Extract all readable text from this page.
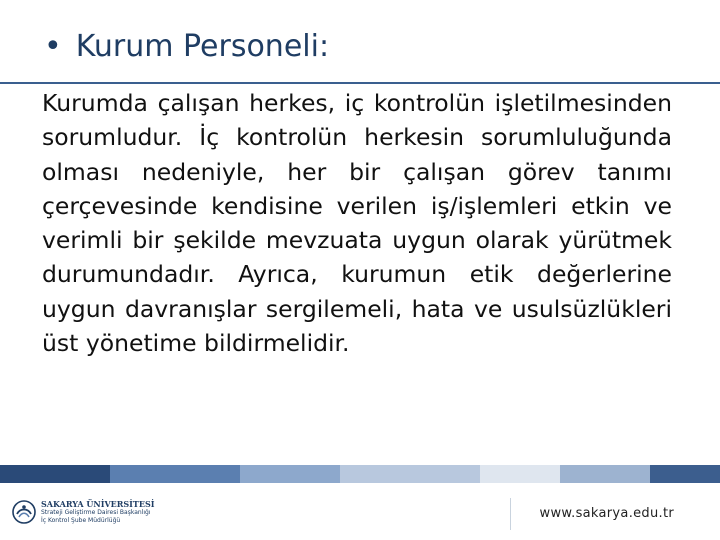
• Kurum Personeli:
Kurumda çalışan herkes, iç kontrolün işletilmesinden sorumludur. İç kontrolün herkesin sorumluluğunda olması nedeniyle, her bir çalışan görev tanımı çerçevesinde kendisine verilen iş/işlemleri etkin ve verimli bir şekilde mevzuata uygun olarak yürütmek durumundadır. Ayrıca, kurumun etik değerlerine uygun davranışlar sergilemeli, hata ve usulsüzlükleri üst yönetime bildirmelidir.
SAKARYA ÜNİVERSİTESİ
Strateji Geliştirme Dairesi Başkanlığı
İç Kontrol Şube Müdürlüğü	www.sakarya.edu.tr
